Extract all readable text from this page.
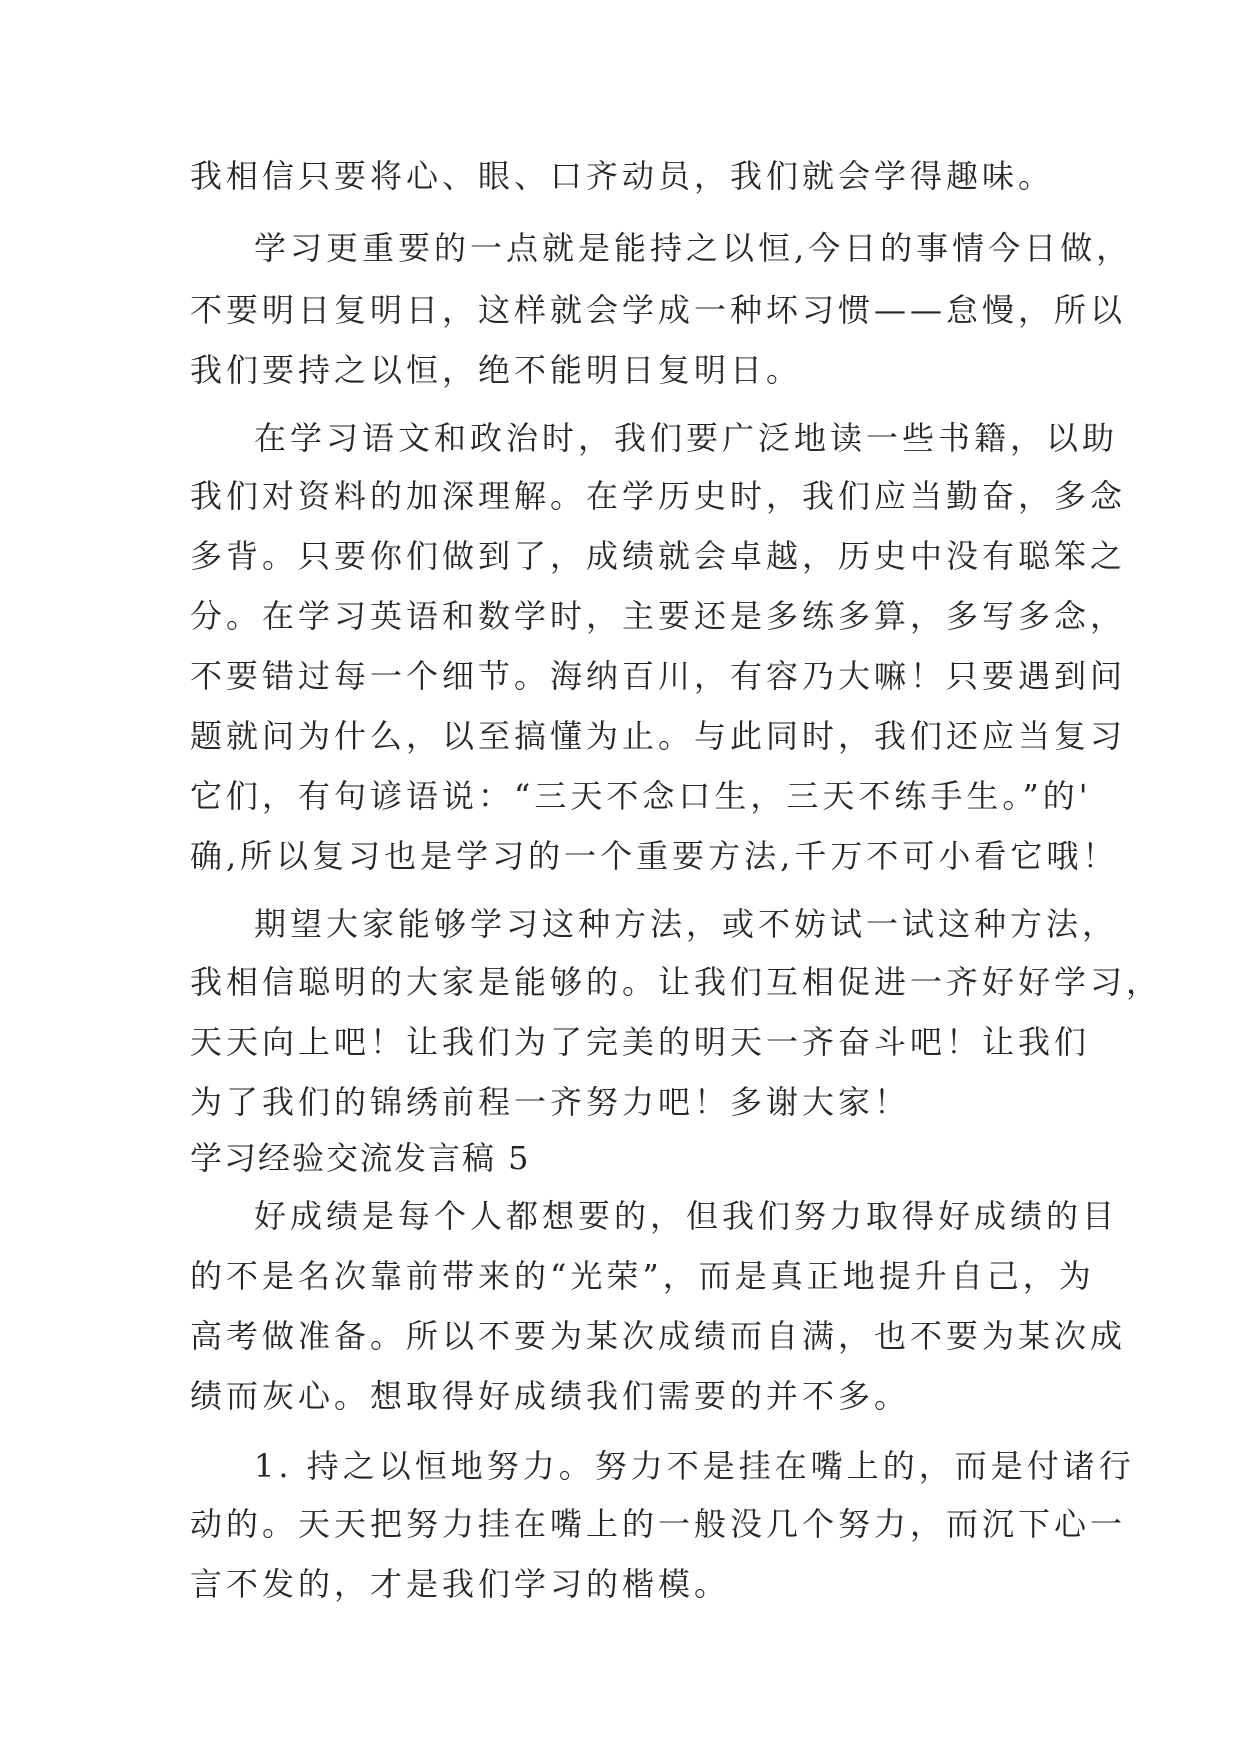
我相信只要将心、眼、口齐动员，我们就会学得趣味。
学习更重要的一点就是能持之以恒,今日的事情今日做，
不要明日复明日，这样就会学成一种坏习惯——怠慢，所以
我们要持之以恒，绝不能明日复明日。
在学习语文和政治时，我们要广泛地读一些书籍，以助
我们对资料的加深理解。在学历史时，我们应当勤奋，多念
多背。只要你们做到了，成绩就会卓越，历史中没有聪笨之
分。在学习英语和数学时，主要还是多练多算，多写多念，
不要错过每一个细节。海纳百川，有容乃大嘛！只要遇到问
题就问为什么，以至搞懂为止。与此同时，我们还应当复习
它们，有句谚语说：“三天不念口生，三天不练手生。”的'
确,所以复习也是学习的一个重要方法,千万不可小看它哦！
期望大家能够学习这种方法，或不妨试一试这种方法，
我相信聪明的大家是能够的。让我们互相促进一齐好好学习，
天天向上吧！让我们为了完美的明天一齐奋斗吧！让我们
为了我们的锦绣前程一齐努力吧！多谢大家！
学习经验交流发言稿 5
好成绩是每个人都想要的，但我们努力取得好成绩的目
的不是名次靠前带来的“光荣”，而是真正地提升自己，为
高考做准备。所以不要为某次成绩而自满，也不要为某次成
绩而灰心。想取得好成绩我们需要的并不多。
1. 持之以恒地努力。努力不是挂在嘴上的，而是付诸行
动的。天天把努力挂在嘴上的一般没几个努力，而沉下心一
言不发的，才是我们学习的楷模。
